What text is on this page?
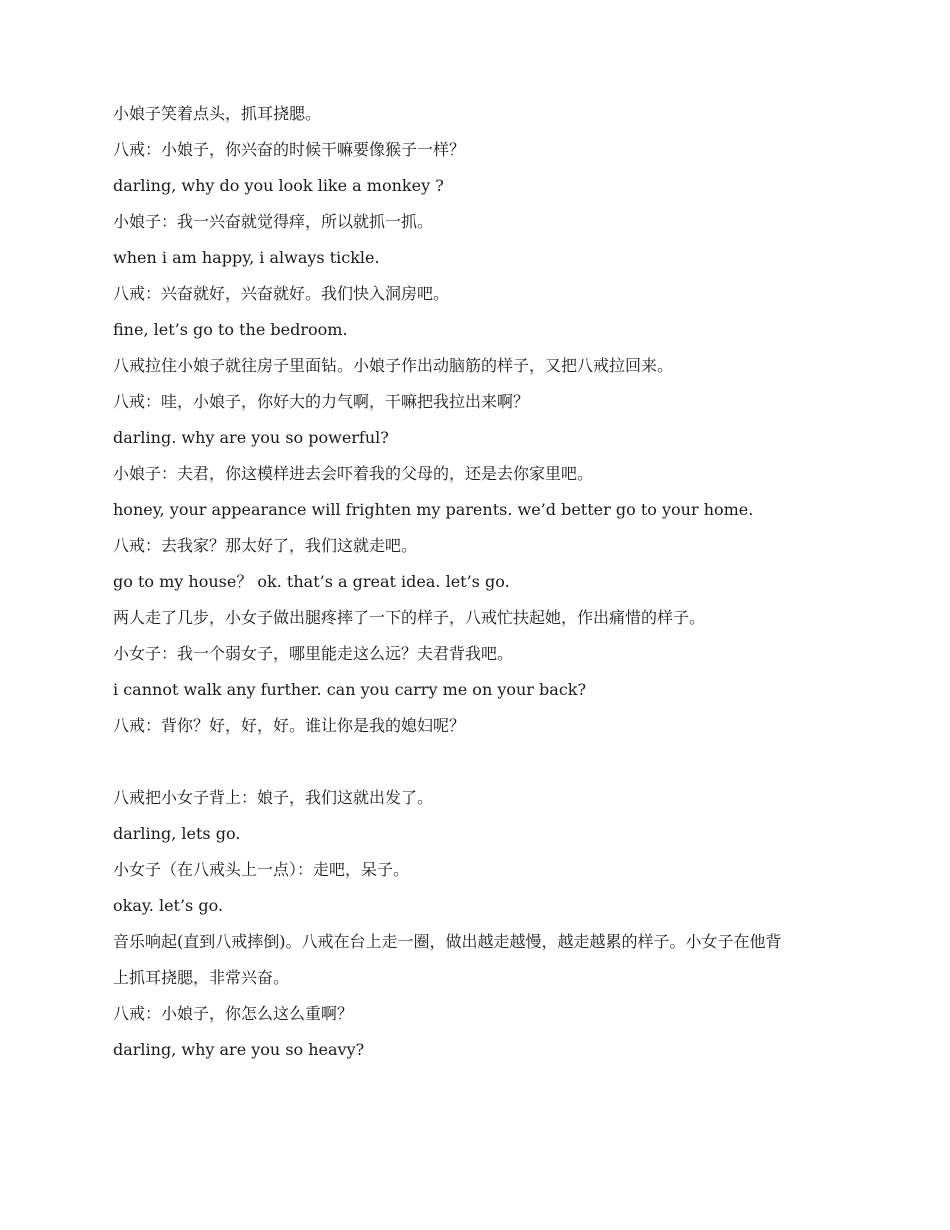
小娘子笑着点头，抓耳挠腮。

八戒：小娘子，你兴奋的时候干嘛要像猴子一样？

darling, why do you look like a monkey ?

小娘子：我一兴奋就觉得痒，所以就抓一抓。

when i am happy, i always tickle.

八戒：兴奋就好，兴奋就好。我们快入洞房吧。

fine, let’s go to the bedroom.

八戒拉住小娘子就往房子里面钻。小娘子作出动脑筋的样子，又把八戒拉回来。

八戒：哇，小娘子，你好大的力气啊，干嘛把我拉出来啊？

darling. why are you so powerful?

小娘子：夫君，你这模样进去会吓着我的父母的，还是去你家里吧。

honey, your appearance will frighten my parents. we’d better go to your home.

八戒：去我家？那太好了，我们这就走吧。

go to my house？ ok. that’s a great idea. let’s go.

两人走了几步，小女子做出腿疼摔了一下的样子，八戒忙扶起她，作出痛惜的样子。

小女子：我一个弱女子，哪里能走这么远？夫君背我吧。

i cannot walk any further. can you carry me on your back?

八戒：背你？好，好，好。谁让你是我的媳妇呢？

八戒把小女子背上：娘子，我们这就出发了。

darling, lets go.

小女子（在八戒头上一点）：走吧，呆子。

okay. let’s go.

音乐响起(直到八戒摔倒)。八戒在台上走一圈，做出越走越慢，越走越累的样子。小女子在他背

上抓耳挠腮，非常兴奋。

八戒：小娘子，你怎么这么重啊？

darling, why are you so heavy?
